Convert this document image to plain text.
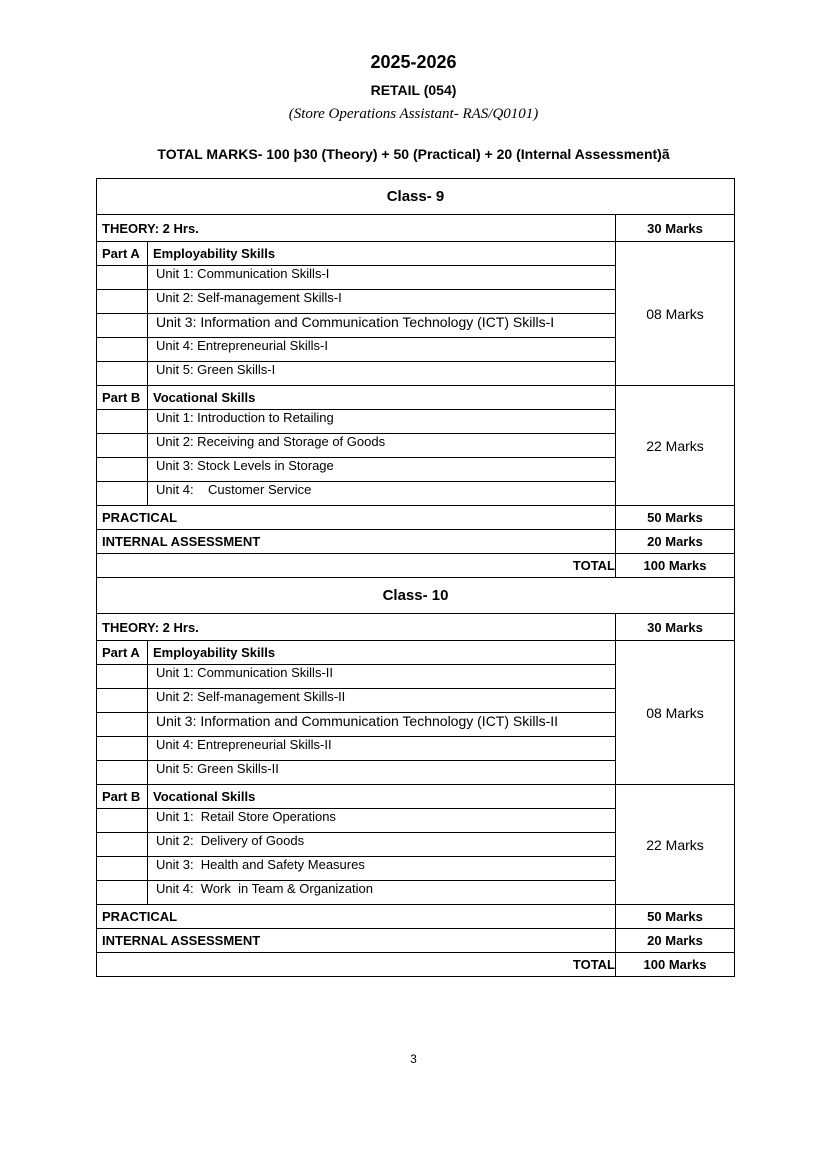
2025-2026
RETAIL (054)
(Store Operations Assistant- RAS/Q0101)
TOTAL MARKS- 100 þ30 (Theory) + 50 (Practical) + 20 (Internal Assessment)ã
Class- 9		
THEORY: 2 Hrs.		30 Marks
Part A	Employability Skills	08 Marks
	Unit 1: Communication Skills-I	
	Unit 2: Self-management Skills-I	
	Unit 3: Information and Communication Technology (ICT) Skills-I	
	Unit 4: Entrepreneurial Skills-I	
	Unit 5: Green Skills-I	
Part B	Vocational Skills	22 Marks
	Unit 1: Introduction to Retailing	
	Unit 2: Receiving and Storage of Goods	
	Unit 3: Stock Levels in Storage	
	Unit 4:    Customer Service	
PRACTICAL		50 Marks
INTERNAL ASSESSMENT		20 Marks
TOTAL		100 Marks
Class- 10		
THEORY: 2 Hrs.		30 Marks
Part A	Employability Skills	08 Marks
	Unit 1: Communication Skills-II	
	Unit 2: Self-management Skills-II	
	Unit 3: Information and Communication Technology (ICT) Skills-II	
	Unit 4: Entrepreneurial Skills-II	
	Unit 5: Green Skills-II	
Part B	Vocational Skills	22 Marks
	Unit 1:  Retail Store Operations	
	Unit 2:  Delivery of Goods	
	Unit 3:  Health and Safety Measures	
	Unit 4:  Work  in Team & Organization	
PRACTICAL		50 Marks
INTERNAL ASSESSMENT		20 Marks
TOTAL		100 Marks
3
